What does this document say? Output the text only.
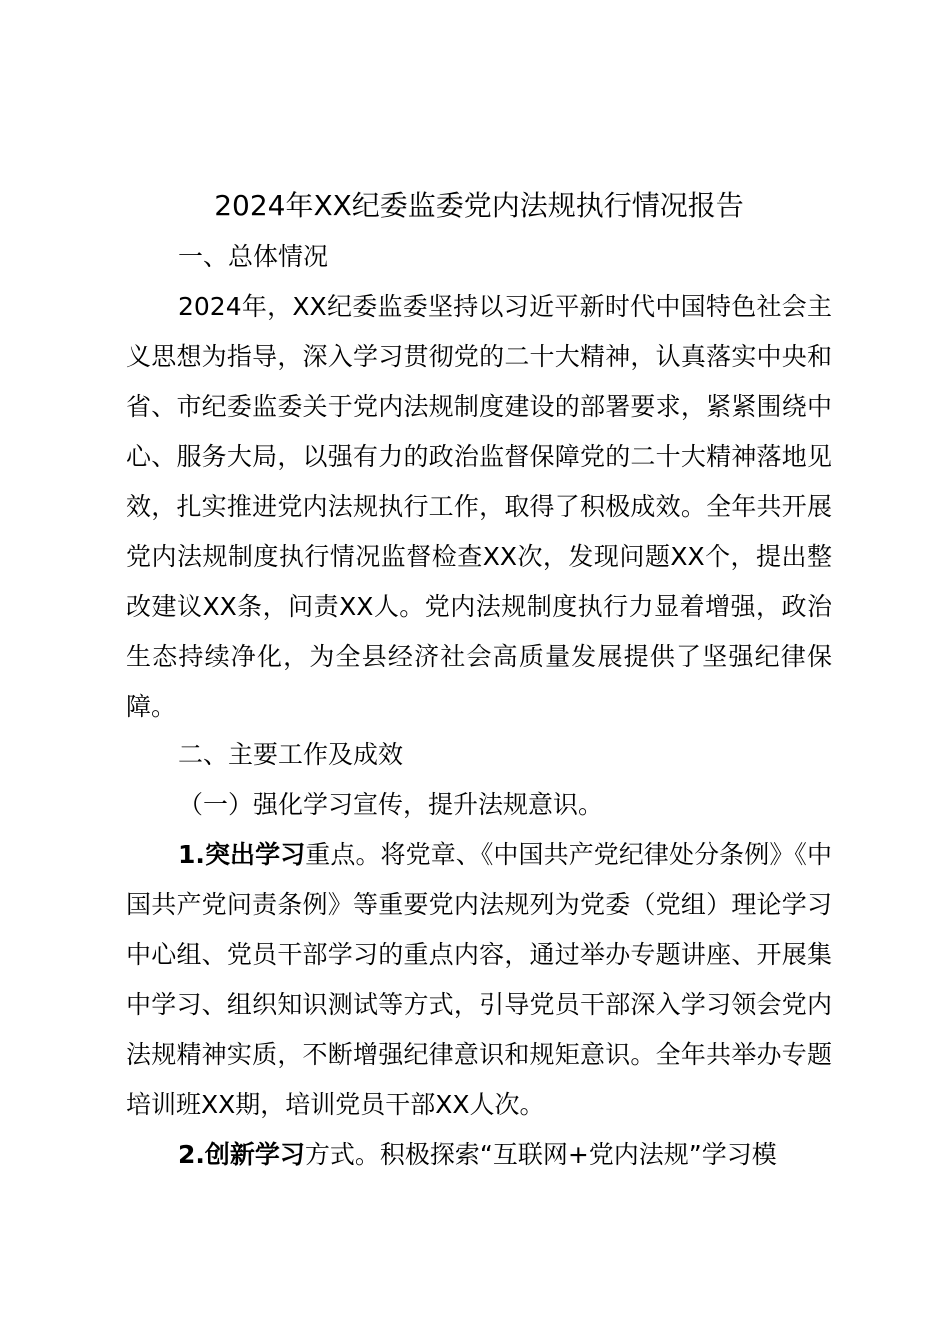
2024年XX纪委监委党内法规执行情况报告

一、总体情况

2024年，XX纪委监委坚持以习近平新时代中国特色社会主义思想为指导，深入学习贯彻党的二十大精神，认真落实中央和省、市纪委监委关于党内法规制度建设的部署要求，紧紧围绕中心、服务大局，以强有力的政治监督保障党的二十大精神落地见效，扎实推进党内法规执行工作，取得了积极成效。全年共开展党内法规制度执行情况监督检查XX次，发现问题XX个，提出整改建议XX条，问责XX人。党内法规制度执行力显着增强，政治生态持续净化，为全县经济社会高质量发展提供了坚强纪律保障。

二、主要工作及成效

（一）强化学习宣传，提升法规意识。

1.突出学习重点。将党章、《中国共产党纪律处分条例》《中国共产党问责条例》等重要党内法规列为党委（党组）理论学习中心组、党员干部学习的重点内容，通过举办专题讲座、开展集中学习、组织知识测试等方式，引导党员干部深入学习领会党内法规精神实质，不断增强纪律意识和规矩意识。全年共举办专题培训班XX期，培训党员干部XX人次。

2.创新学习方式。积极探索“互联网+党内法规”学习模
